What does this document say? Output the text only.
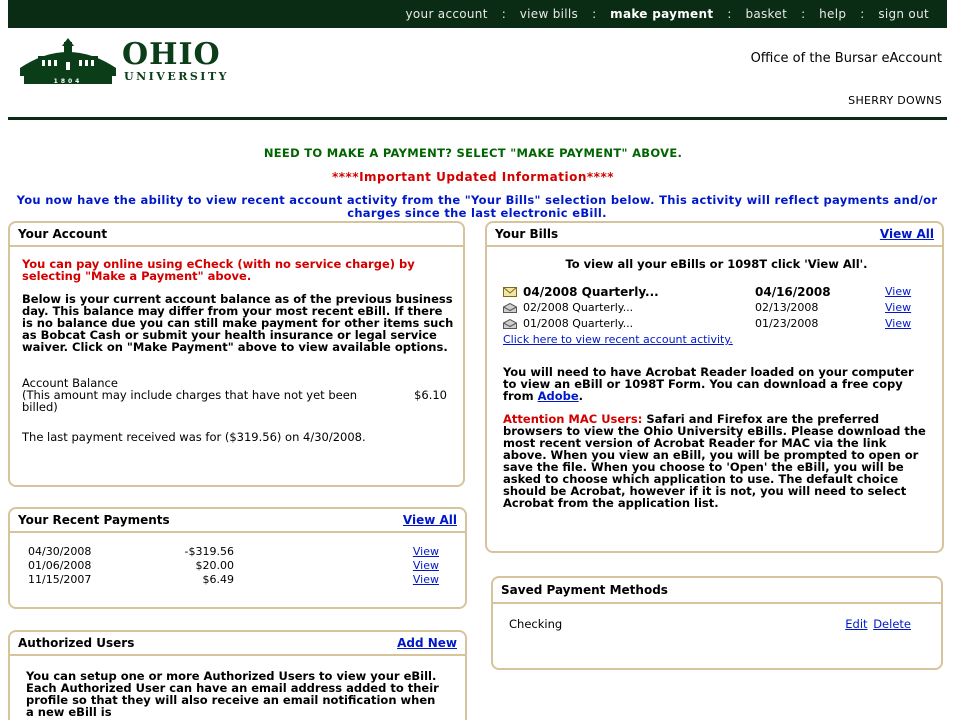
your account : view bills : make payment : basket : help : sign out
1804
OHIO
UNIVERSITY
Office of the Bursar eAccount
SHERRY DOWNS
NEED TO MAKE A PAYMENT? SELECT "MAKE PAYMENT" ABOVE.
****Important Updated Information****
You now have the ability to view recent account activity from the "Your Bills" selection below. This activity will reflect payments and/or charges since the last electronic eBill.
Your Account
You can pay online using eCheck (with no service charge) by selecting "Make a Payment" above.
Below is your current account balance as of the previous business day. This balance may differ from your most recent eBill. If there is no balance due you can still make payment for other items such as Bobcat Cash or submit your health insurance or legal service waiver. Click on "Make Payment" above to view available options.
Account Balance
(This amount may include charges that have not yet been billed)
$6.10
The last payment received was for ($319.56) on 4/30/2008.
Your Recent Payments	View All
04/30/2008	-$319.56	View
01/06/2008	$20.00	View
11/15/2007	$6.49	View
Authorized Users	Add New
You can setup one or more Authorized Users to view your eBill. Each Authorized User can have an email address added to their profile so that they will also receive an email notification when a new eBill is
Your Bills	View All
To view all your eBills or 1098T click 'View All'.
04/2008 Quarterly...	04/16/2008	View
02/2008 Quarterly...	02/13/2008	View
01/2008 Quarterly...	01/23/2008	View
Click here to view recent account activity.
You will need to have Acrobat Reader loaded on your computer to view an eBill or 1098T Form. You can download a free copy from Adobe.
Attention MAC Users: Safari and Firefox are the preferred browsers to view the Ohio University eBills. Please download the most recent version of Acrobat Reader for MAC via the link above. When you view an eBill, you will be prompted to open or save the file. When you choose to 'Open' the eBill, you will be asked to choose which application to use. The default choice should be Acrobat, however if it is not, you will need to select Acrobat from the application list.
Saved Payment Methods
Checking	Edit Delete
